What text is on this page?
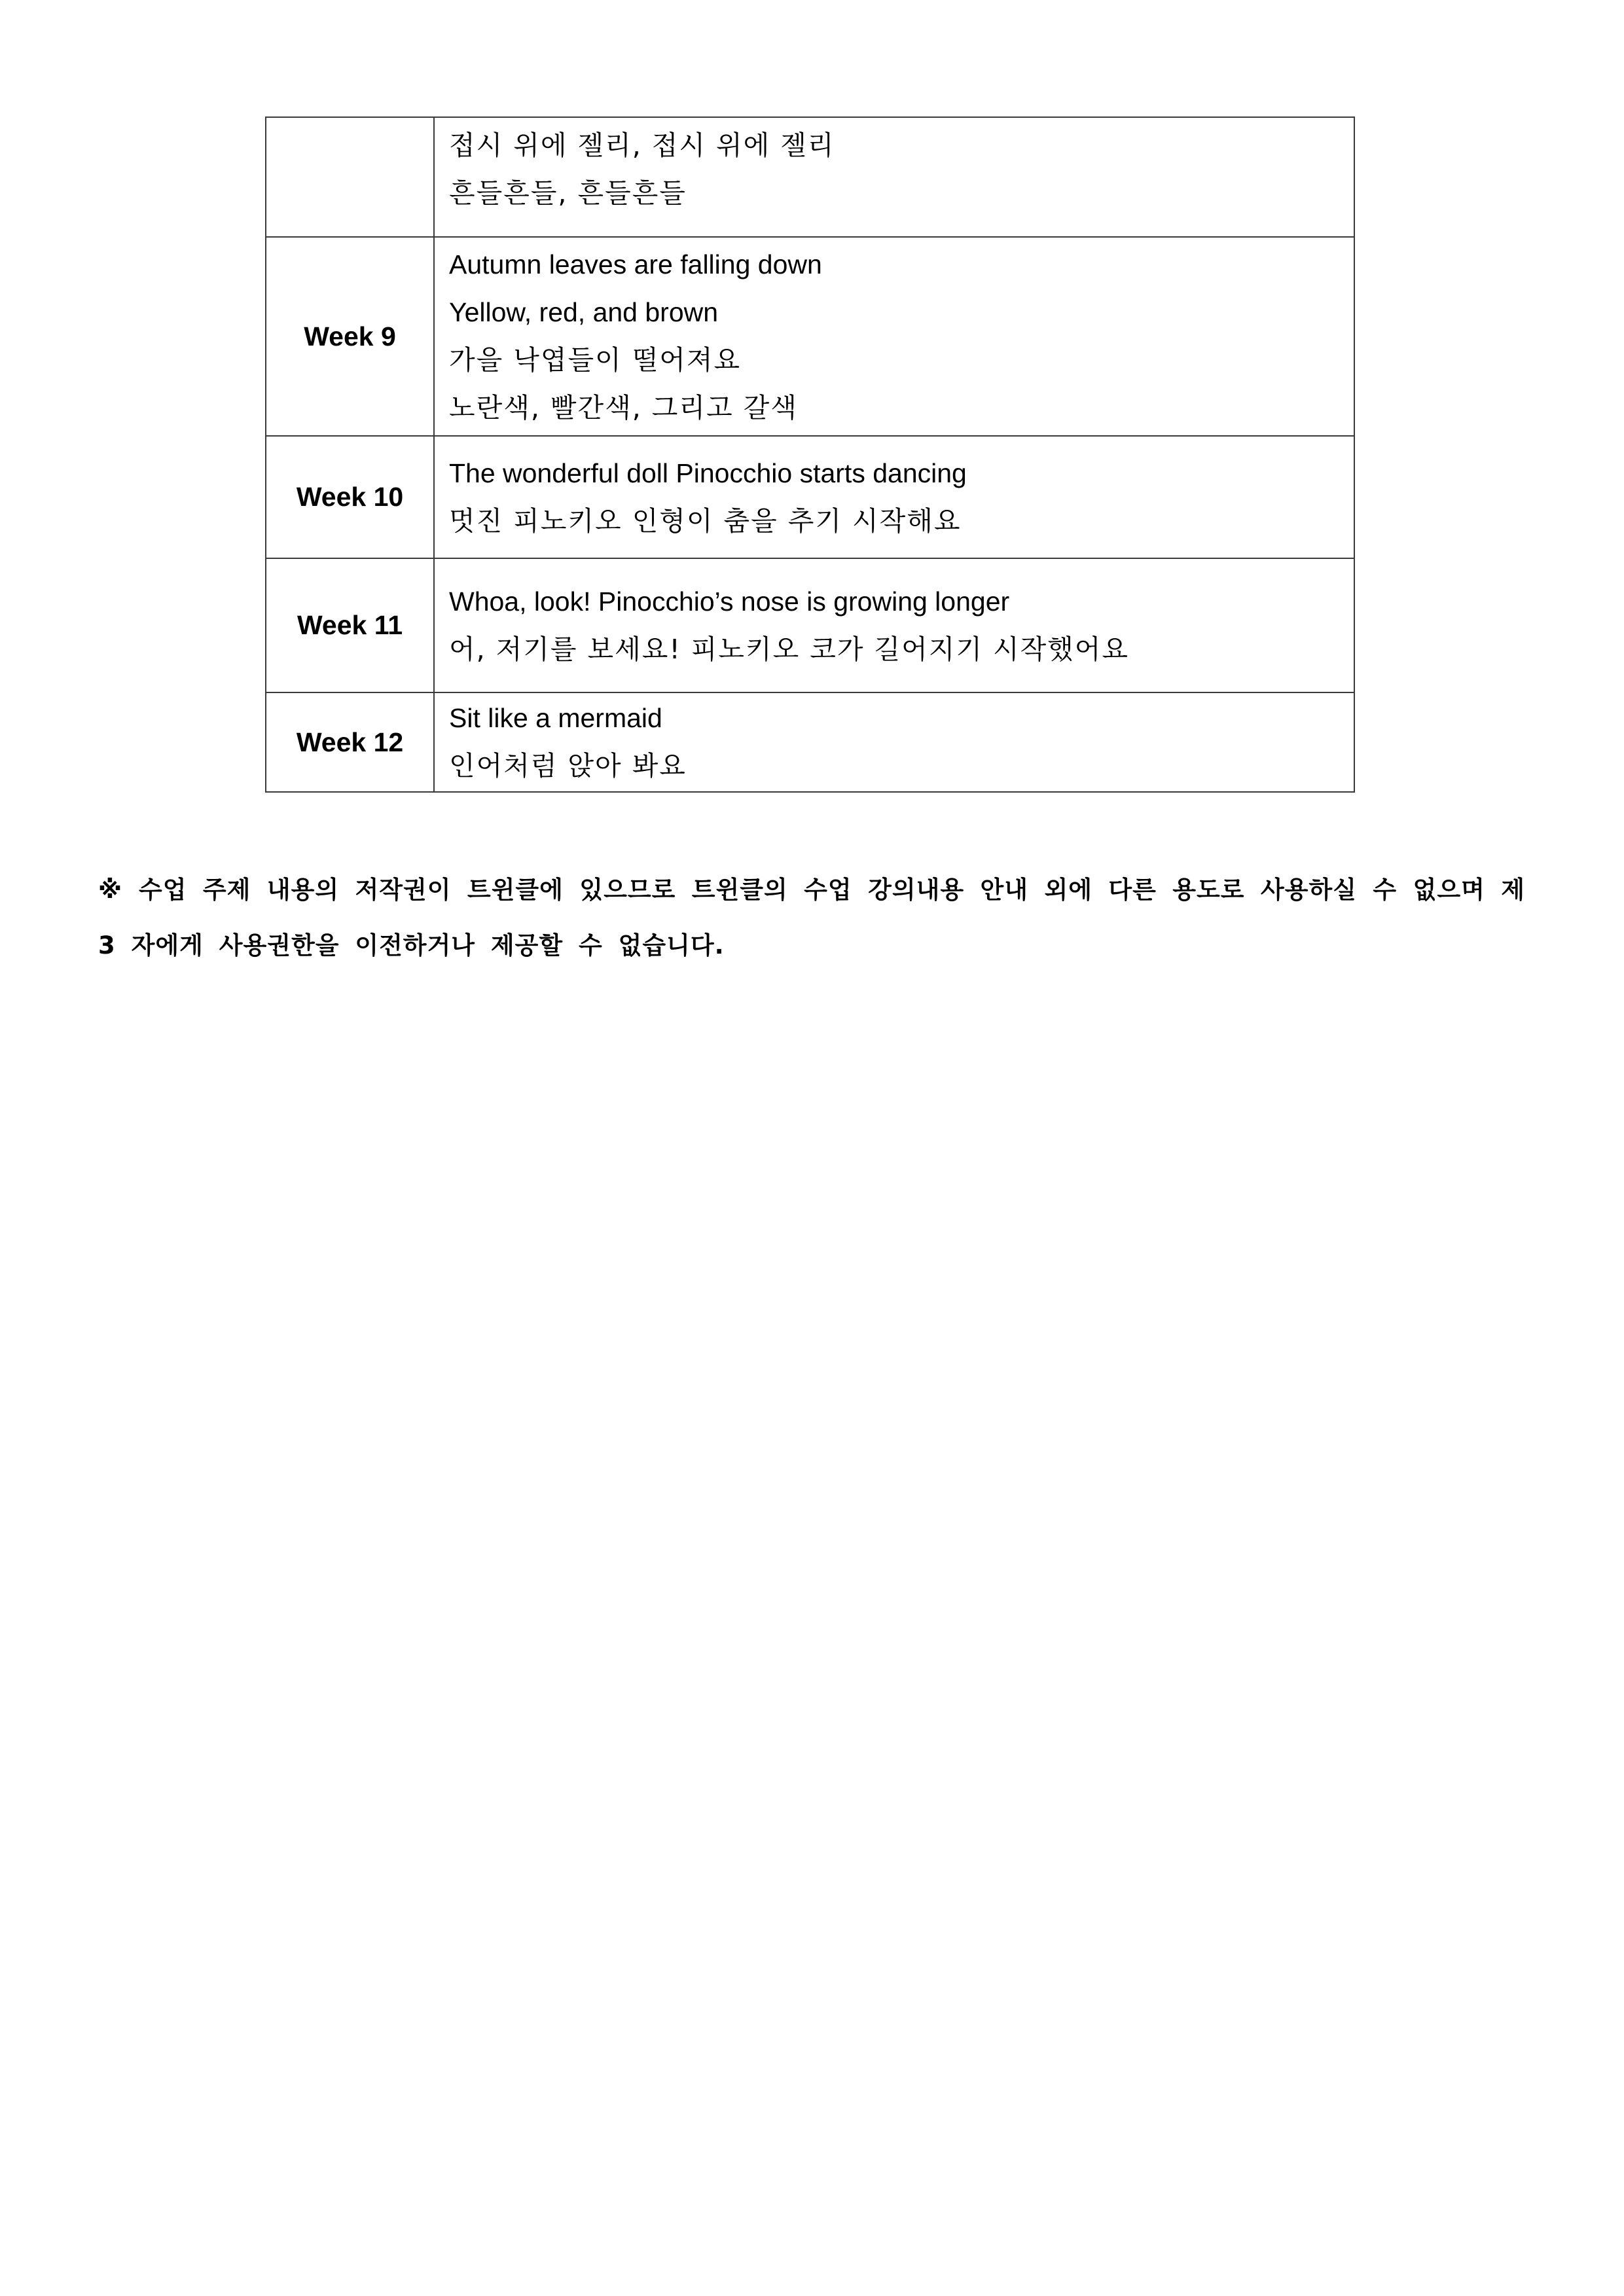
	접시 위에 젤리, 접시 위에 젤리
흔들흔들, 흔들흔들

Week 9	Autumn leaves are falling down
Yellow, red, and brown
가을 낙엽들이 떨어져요
노란색, 빨간색, 그리고 갈색

Week 10	The wonderful doll Pinocchio starts dancing
멋진 피노키오 인형이 춤을 추기 시작해요

Week 11	Whoa, look! Pinocchio’s nose is growing longer
어, 저기를 보세요! 피노키오 코가 길어지기 시작했어요

Week 12	Sit like a mermaid
인어처럼 앉아 봐요

※ 수업 주제 내용의 저작권이 트윈클에 있으므로 트윈클의 수업 강의내용 안내 외에 다른 용도로 사용하실 수 없으며 제 3 자에게 사용권한을 이전하거나 제공할 수 없습니다.
